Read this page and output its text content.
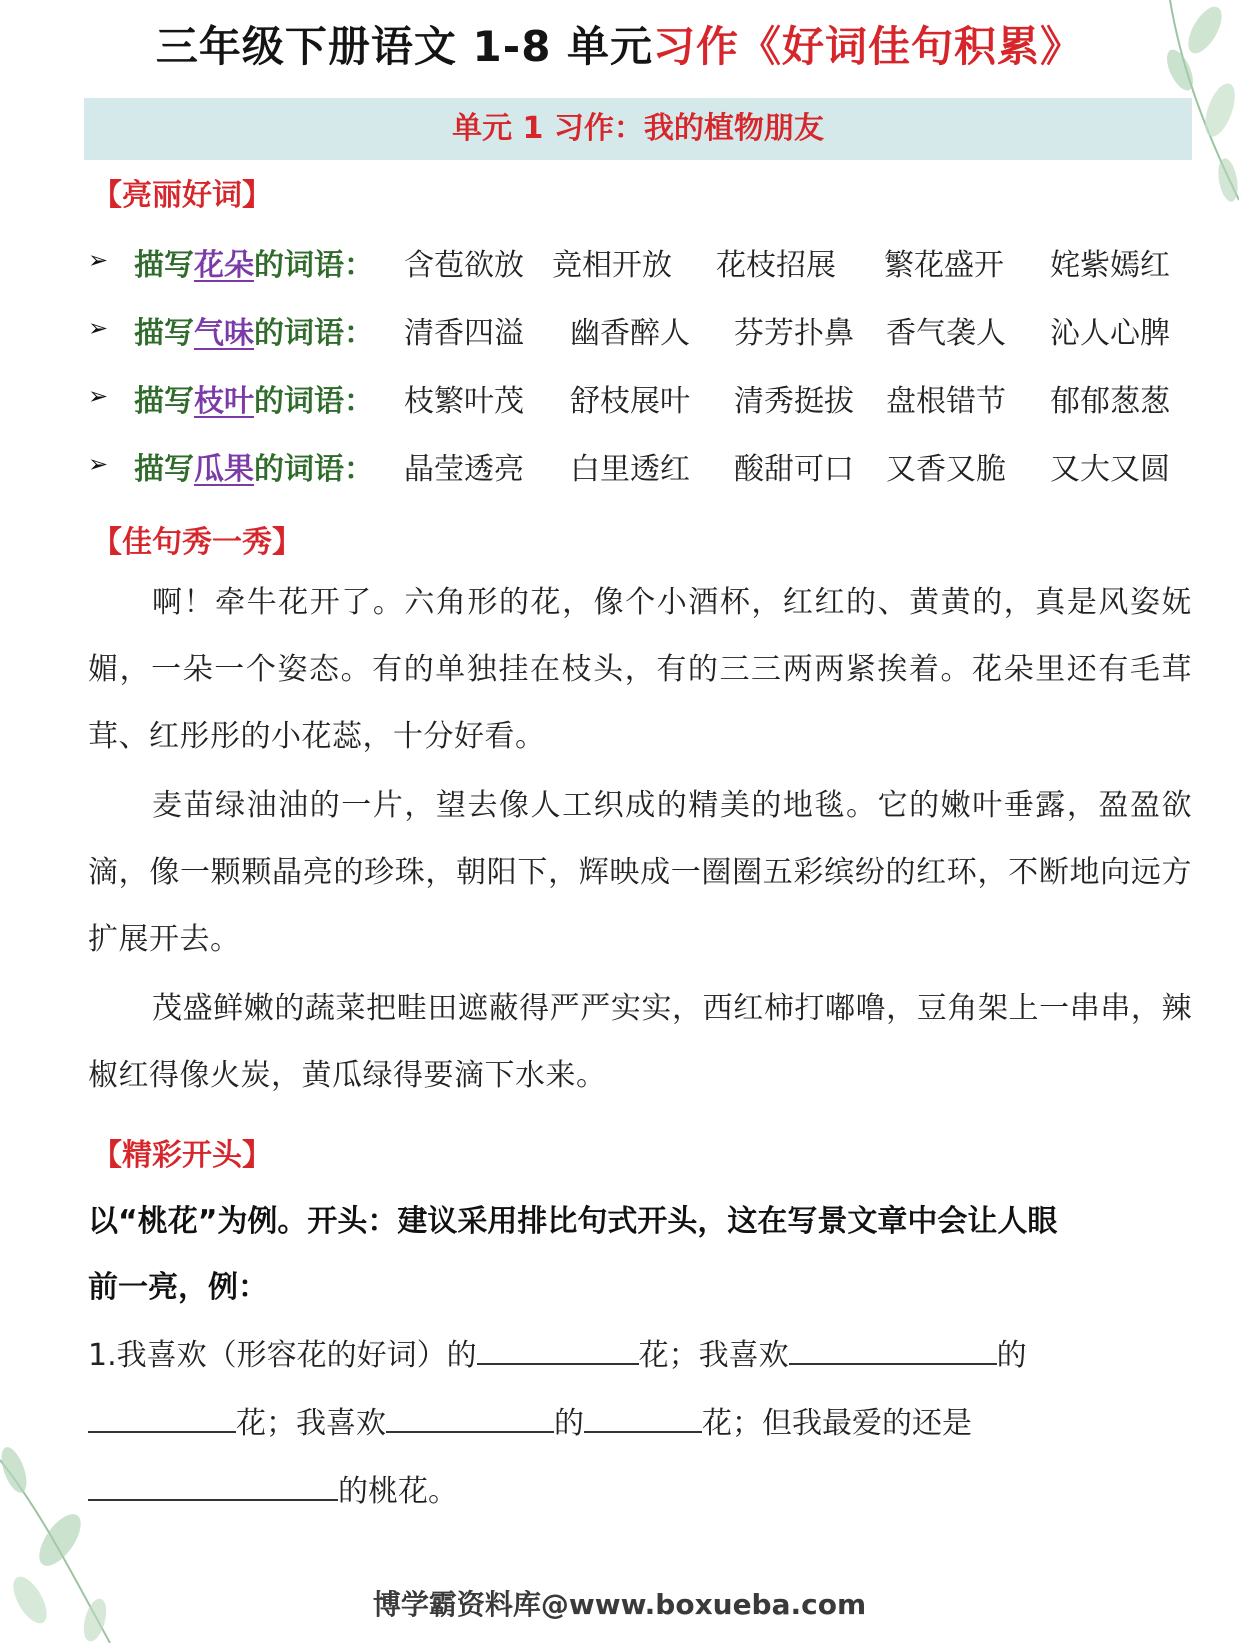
三年级下册语文 1-8 单元习作《好词佳句积累》
单元 1 习作：我的植物朋友
【亮丽好词】
➢ 描写花朵的词语： 含苞欲放 竞相开放 花枝招展 繁花盛开 姹紫嫣红
➢ 描写气味的词语： 清香四溢 幽香醉人 芬芳扑鼻 香气袭人 沁人心脾
➢ 描写枝叶的词语： 枝繁叶茂 舒枝展叶 清秀挺拔 盘根错节 郁郁葱葱
➢ 描写瓜果的词语： 晶莹透亮 白里透红 酸甜可口 又香又脆 又大又圆
【佳句秀一秀】

啊！牵牛花开了。六角形的花，像个小酒杯，红红的、黄黄的，真是风姿妩媚，一朵一个姿态。有的单独挂在枝头，有的三三两两紧挨着。花朵里还有毛茸茸、红彤彤的小花蕊，十分好看。

麦苗绿油油的一片，望去像人工织成的精美的地毯。它的嫩叶垂露，盈盈欲滴，像一颗颗晶亮的珍珠，朝阳下，辉映成一圈圈五彩缤纷的红环，不断地向远方扩展开去。

茂盛鲜嫩的蔬菜把畦田遮蔽得严严实实，西红柿打嘟噜，豆角架上一串串，辣椒红得像火炭，黄瓜绿得要滴下水来。

【精彩开头】
以“桃花”为例。开头：建议采用排比句式开头，这在写景文章中会让人眼
前一亮，例：
1.我喜欢（形容花的好词）的	花；我喜欢	的
花；我喜欢	的	花；但我最爱的还是
的桃花。
博学霸资料库@www.boxueba.com
